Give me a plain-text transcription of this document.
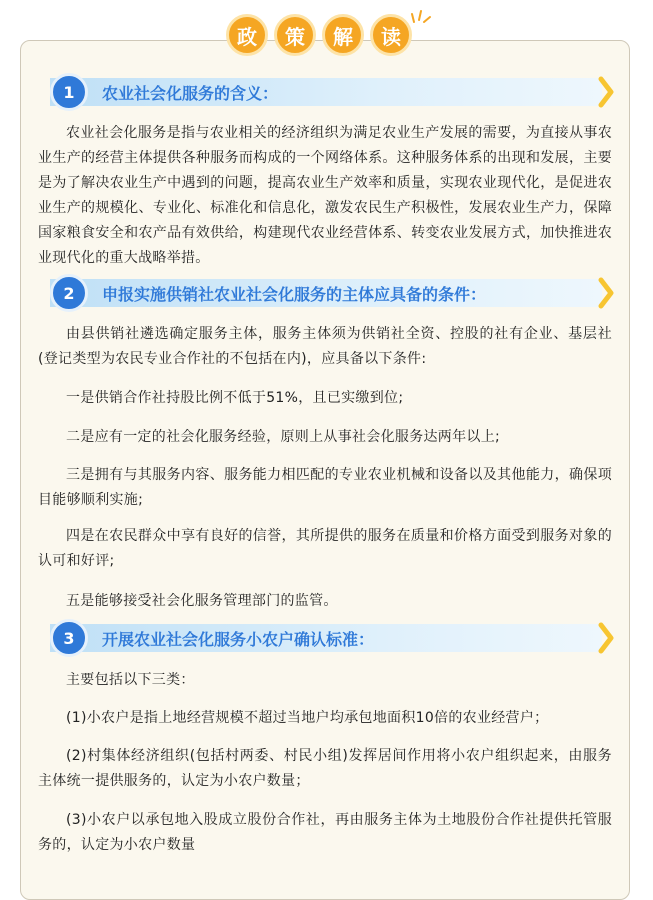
政	策	解	读
1	农业社会化服务的含义：

农业社会化服务是指与农业相关的经济组织为满足农业生产发展的需要，为直接从事农业生产的经营主体提供各种服务而构成的一个网络体系。这种服务体系的出现和发展，主要是为了解决农业生产中遇到的问题，提高农业生产效率和质量，实现农业现代化，是促进农业生产的规模化、专业化、标准化和信息化，激发农民生产积极性，发展农业生产力，保障国家粮食安全和农产品有效供给，构建现代农业经营体系、转变农业发展方式，加快推进农业现代化的重大战略举措。

2	申报实施供销社农业社会化服务的主体应具备的条件：

由县供销社遴选确定服务主体，服务主体须为供销社全资、控股的社有企业、基层社(登记类型为农民专业合作社的不包括在内)，应具备以下条件:

一是供销合作社持股比例不低于51%，且已实缴到位;

二是应有一定的社会化服务经验，原则上从事社会化服务达两年以上;

三是拥有与其服务内容、服务能力相匹配的专业农业机械和设备以及其他能力，确保项目能够顺利实施;

四是在农民群众中享有良好的信誉，其所提供的服务在质量和价格方面受到服务对象的认可和好评;

五是能够接受社会化服务管理部门的监管。

3	开展农业社会化服务小农户确认标准：

主要包括以下三类：

(1)小农户是指上地经营规模不超过当地户均承包地面积10倍的农业经营户；

(2)村集体经济组织(包括村两委、村民小组)发挥居间作用将小农户组织起来，由服务主体统一提供服务的，认定为小农户数量；

(3)小农户以承包地入股成立股份合作社，再由服务主体为土地股份合作社提供托管服务的，认定为小农户数量
